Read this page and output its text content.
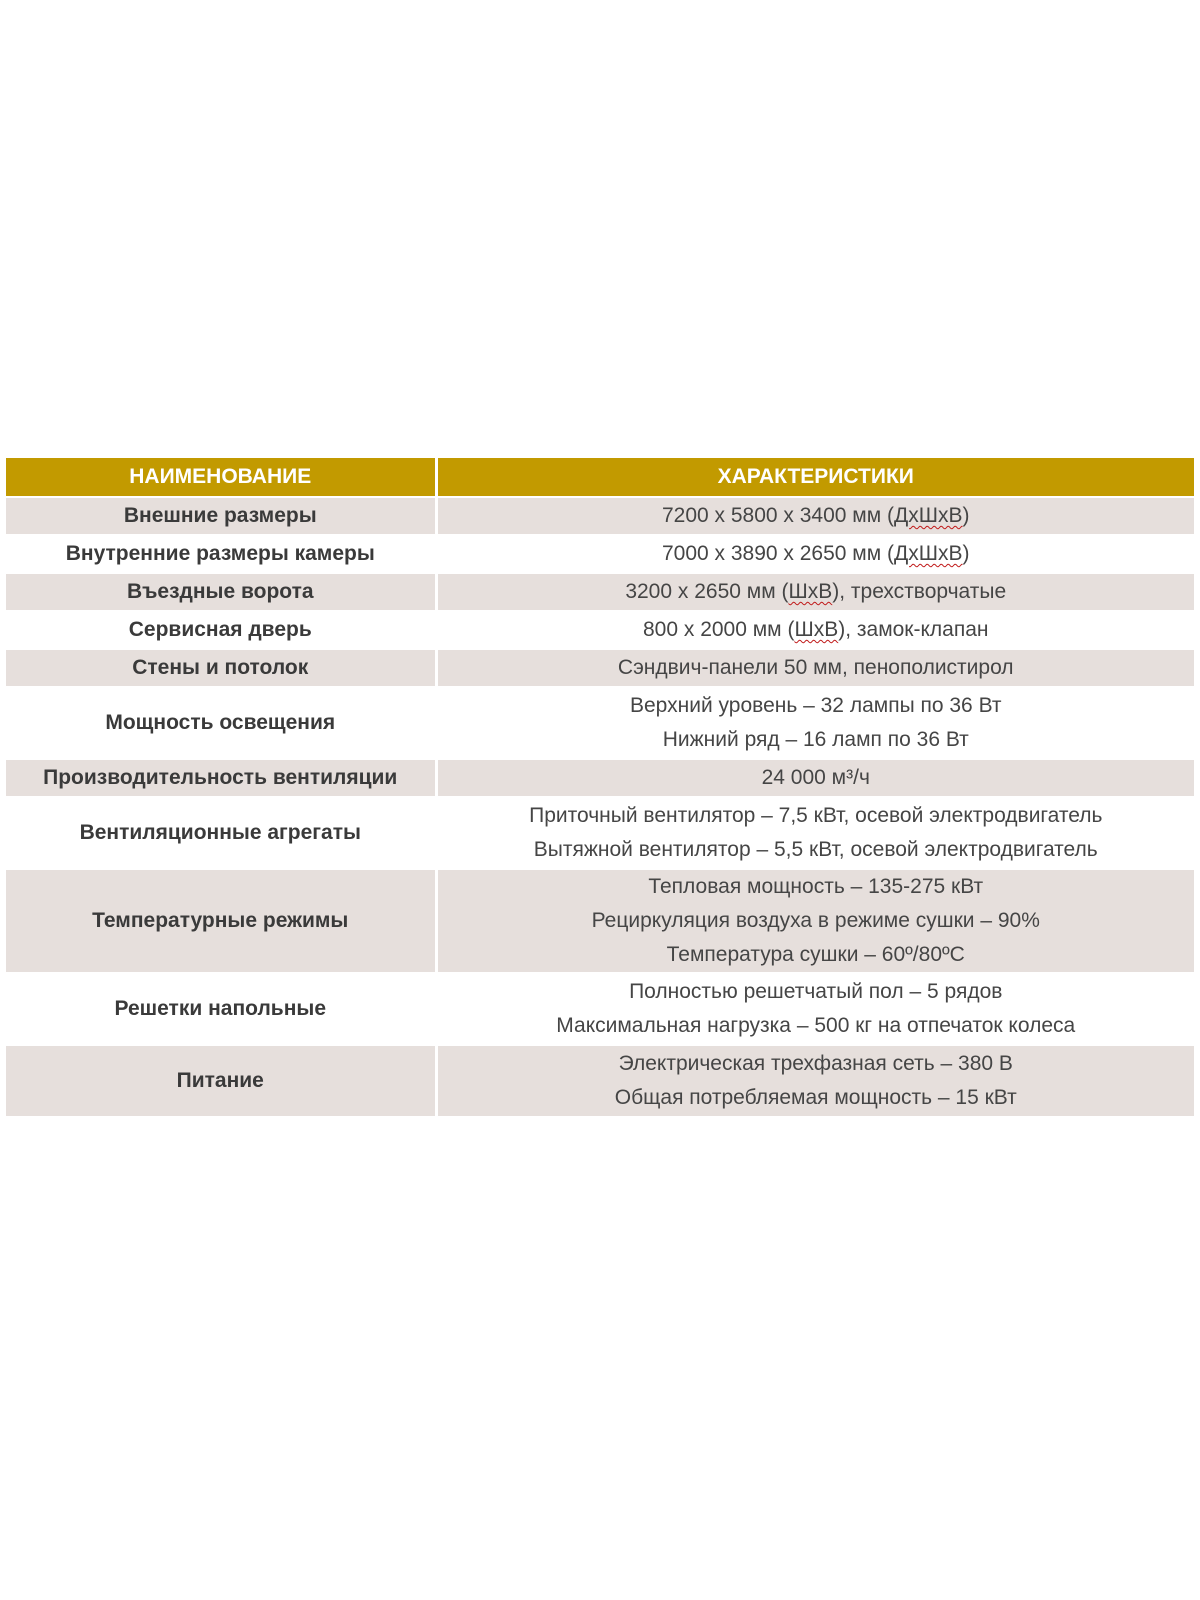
НАИМЕНОВАНИЕ	ХАРАКТЕРИСТИКИ
Внешние размеры	7200 х 5800 х 3400 мм (ДхШхВ)
Внутренние размеры камеры	7000 х 3890 х 2650 мм (ДхШхВ)
Въездные ворота	3200 х 2650 мм (ШхВ), трехстворчатые
Сервисная дверь	800 х 2000 мм (ШхВ), замок-клапан
Стены и потолок	Сэндвич-панели 50 мм, пенополистирол
Мощность освещения	Верхний уровень – 32 лампы по 36 Вт
Нижний ряд – 16 ламп по 36 Вт

Производительность вентиляции	24 000 м³/ч
Вентиляционные агрегаты	Приточный вентилятор – 7,5 кВт, осевой электродвигатель
Вытяжной вентилятор – 5,5 кВт, осевой электродвигатель

Температурные режимы	Тепловая мощность – 135-275 кВт
Рециркуляция воздуха в режиме сушки – 90%
Температура сушки – 60º/80ºС

Решетки напольные	Полностью решетчатый пол – 5 рядов
Максимальная нагрузка – 500 кг на отпечаток колеса

Питание	Электрическая трехфазная сеть – 380 В
Общая потребляемая мощность – 15 кВт
